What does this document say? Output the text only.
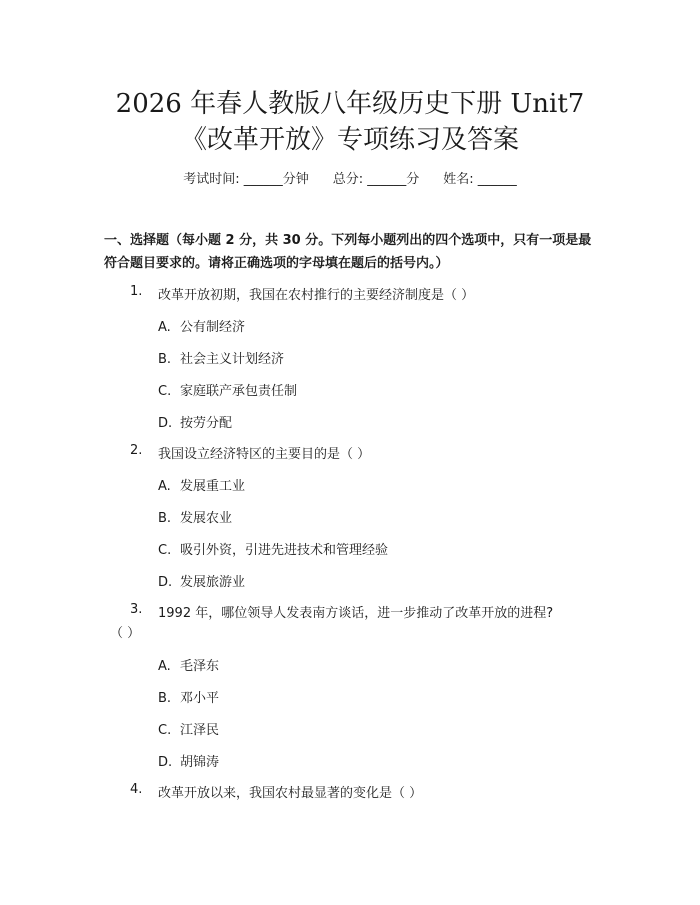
2026 年春人教版八年级历史下册 Unit7《改革开放》专项练习及答案
考试时间: ______分钟 总分: ______分 姓名: ______

一、选择题（每小题 2 分，共 30 分。下列每小题列出的四个选项中，只有一项是最符合题目要求的。请将正确选项的字母填在题后的括号内。）

1. 改革开放初期，我国在农村推行的主要经济制度是（ ）
A. 公有制经济
B. 社会主义计划经济
C. 家庭联产承包责任制
D. 按劳分配
2. 我国设立经济特区的主要目的是（ ）
A. 发展重工业
B. 发展农业
C. 吸引外资，引进先进技术和管理经验
D. 发展旅游业
3. 1992 年，哪位领导人发表南方谈话，进一步推动了改革开放的进程?
（ ）
A. 毛泽东
B. 邓小平
C. 江泽民
D. 胡锦涛
4. 改革开放以来，我国农村最显著的变化是（ ）
